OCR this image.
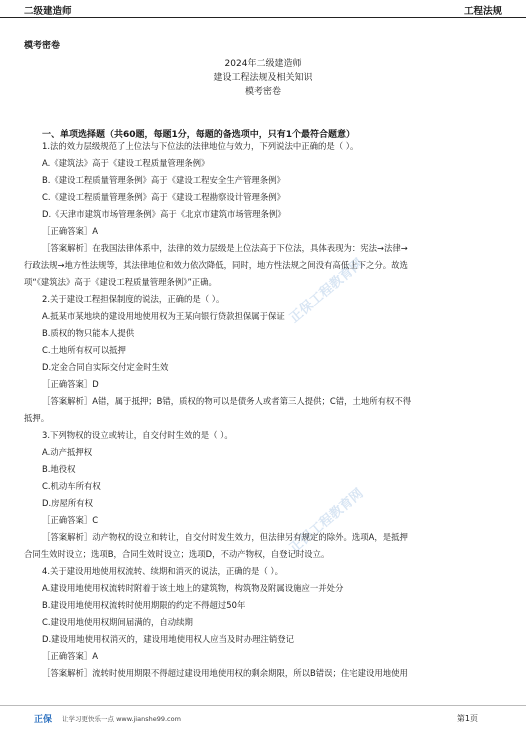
二级建造师	工程法规
模考密卷
2024年二级建造师
建设工程法规及相关知识
模考密卷
一、单项选择题（共60题，每题1分，每题的备选项中，只有1个最符合题意）
正保工程教育网
正保工程教育网
1.法的效力层级规范了上位法与下位法的法律地位与效力，下列说法中正确的是（ ）。
A.《建筑法》高于《建设工程质量管理条例》
B.《建设工程质量管理条例》高于《建设工程安全生产管理条例》
C.《建设工程质量管理条例》高于《建设工程勘察设计管理条例》
D.《天津市建筑市场管理条例》高于《北京市建筑市场管理条例》
［正确答案］A
［答案解析］在我国法律体系中，法律的效力层级是上位法高于下位法，具体表现为：宪法→法律→
行政法规→地方性法规等，其法律地位和效力依次降低，同时，地方性法规之间没有高低上下之分。故选
项“《建筑法》高于《建设工程质量管理条例》”正确。
2.关于建设工程担保制度的说法，正确的是（ ）。
A.抵某市某地块的建设用地使用权为王某向银行贷款担保属于保证
B.质权的物只能本人提供
C.土地所有权可以抵押
D.定金合同自实际交付定金时生效
［正确答案］D
［答案解析］A错，属于抵押；B错，质权的物可以是债务人或者第三人提供；C错，土地所有权不得
抵押。
3.下列物权的设立或转让，自交付时生效的是（ ）。
A.动产抵押权
B.地役权
C.机动车所有权
D.房屋所有权
［正确答案］C
［答案解析］动产物权的设立和转让，自交付时发生效力，但法律另有规定的除外。选项A，是抵押
合同生效时设立；选项B，合同生效时设立；选项D，不动产物权，自登记时设立。
4.关于建设用地使用权流转、续期和消灭的说法，正确的是（ ）。
A.建设用地使用权流转时附着于该土地上的建筑物，构筑物及附属设施应一并处分
B.建设用地使用权流转时使用期限的约定不得超过50年
C.建设用地使用权期间届满的，自动续期
D.建设用地使用权消灭的，建设用地使用权人应当及时办理注销登记
［正确答案］A
［答案解析］流转时使用期限不得超过建设用地使用权的剩余期限，所以B错误；住宅建设用地使用
正保 让学习更快乐一点 www.jianshe99.com	第1页
